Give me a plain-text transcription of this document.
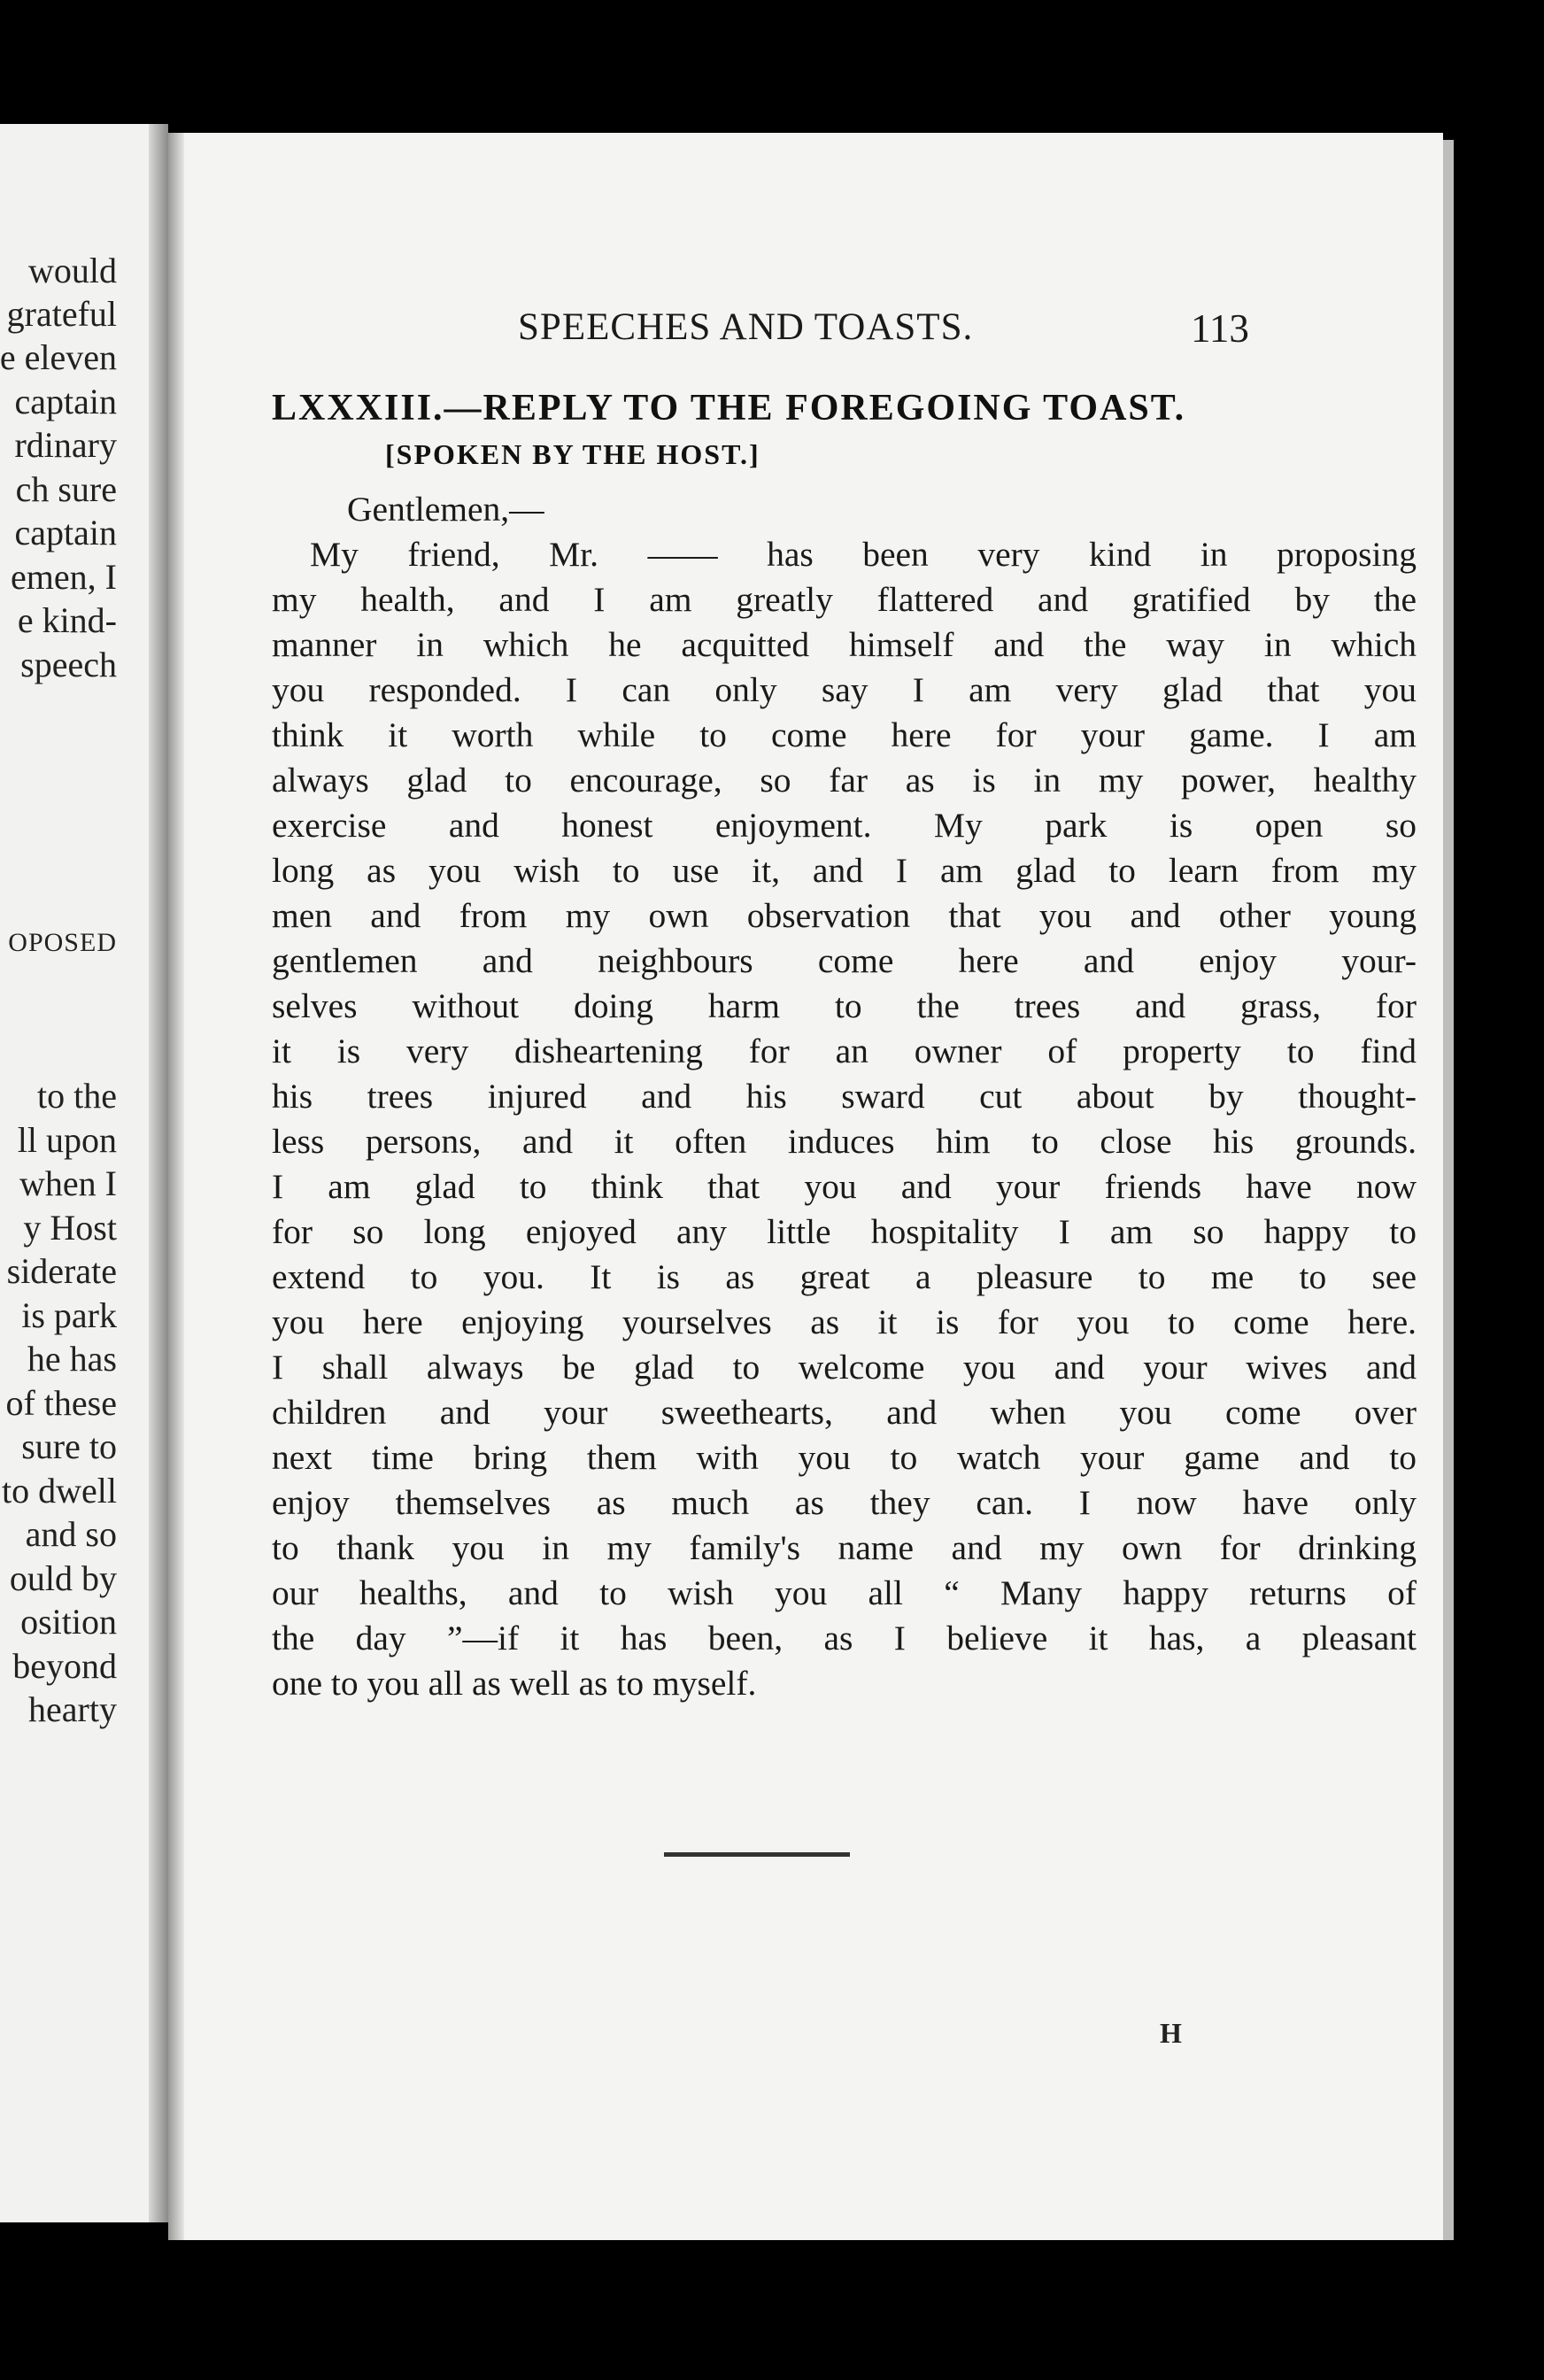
would
grateful
e eleven
captain
rdinary
ch sure
captain
emen, I
e kind-
speech
OPOSED
to the
ll upon
when I
y Host
siderate
is park
he has
of these
sure to
to dwell
and so
ould by
osition
beyond
hearty
SPEECHES AND TOASTS.	113
LXXXIII.—REPLY TO THE FOREGOING TOAST.
[SPOKEN BY THE HOST.]
Gentlemen,—
My friend, Mr. —— has been very kind in proposing
my health, and I am greatly flattered and gratified by the
manner in which he acquitted himself and the way in which
you responded. I can only say I am very glad that you
think it worth while to come here for your game. I am
always glad to encourage, so far as is in my power, healthy
exercise and honest enjoyment. My park is open so
long as you wish to use it, and I am glad to learn from my
men and from my own observation that you and other young
gentlemen and neighbours come here and enjoy your-
selves without doing harm to the trees and grass, for
it is very disheartening for an owner of property to find
his trees injured and his sward cut about by thought-
less persons, and it often induces him to close his grounds.
I am glad to think that you and your friends have now
for so long enjoyed any little hospitality I am so happy to
extend to you. It is as great a pleasure to me to see
you here enjoying yourselves as it is for you to come here.
I shall always be glad to welcome you and your wives and
children and your sweethearts, and when you come over
next time bring them with you to watch your game and to
enjoy themselves as much as they can. I now have only
to thank you in my family's name and my own for drinking
our healths, and to wish you all “ Many happy returns of
the day ”—if it has been, as I believe it has, a pleasant
one to you all as well as to myself.
H
